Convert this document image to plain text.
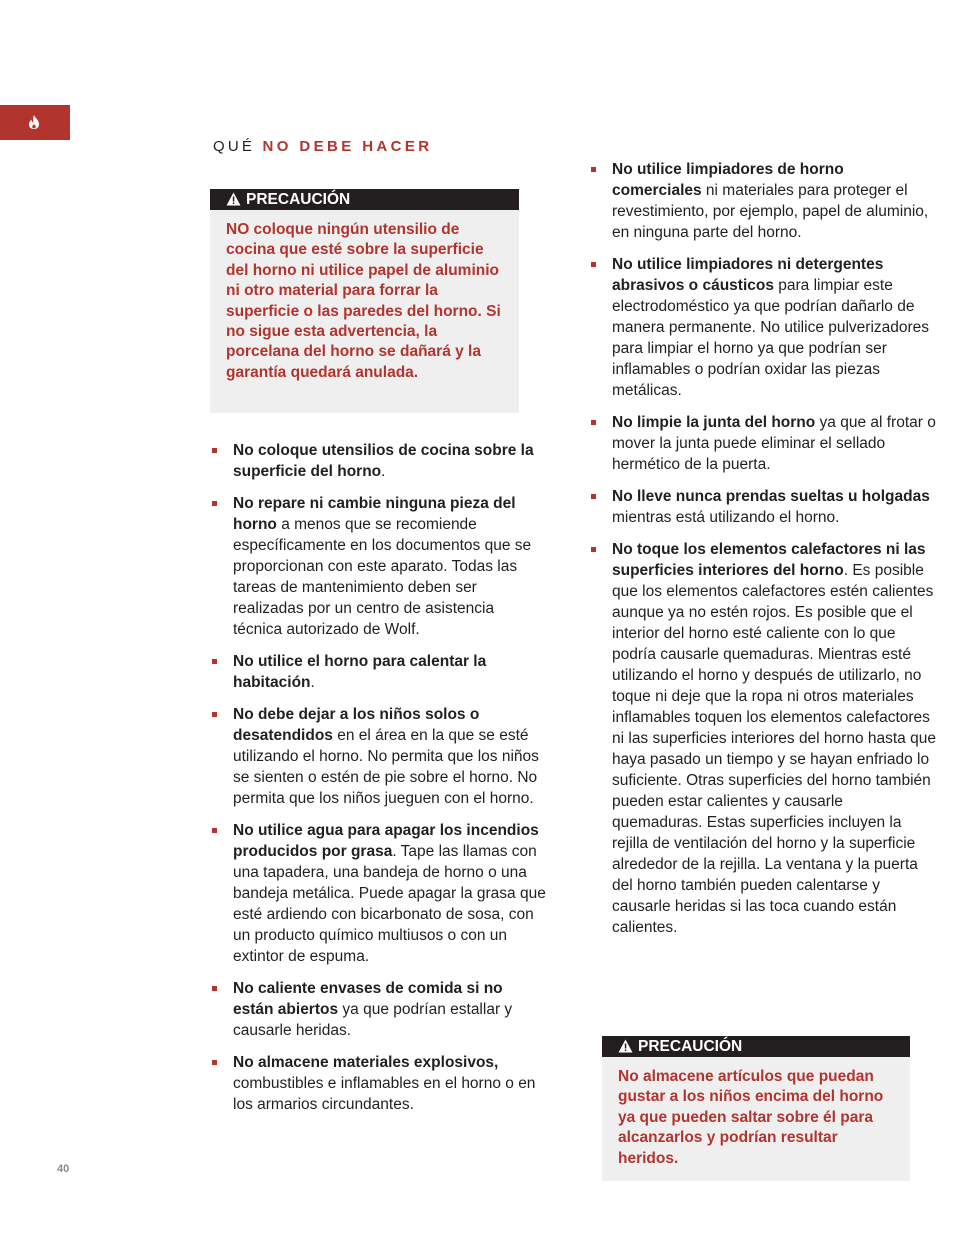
QUÉ NO DEBE HACER
PRECAUCIÓN
NO coloque ningún utensilio de cocina que esté sobre la superficie del horno ni utilice papel de aluminio ni otro material para forrar la superficie o las paredes del horno. Si no sigue esta advertencia, la porcelana del horno se dañará y la garantía quedará anulada.
No coloque utensilios de cocina sobre la superficie del horno.
No repare ni cambie ninguna pieza del horno a menos que se recomiende específicamente en los documentos que se proporcionan con este aparato. Todas las tareas de mantenimiento deben ser realizadas por un centro de asistencia técnica autorizado de Wolf.
No utilice el horno para calentar la habitación.
No debe dejar a los niños solos o desatendidos en el área en la que se esté utilizando el horno. No permita que los niños se sienten o estén de pie sobre el horno. No permita que los niños jueguen con el horno.
No utilice agua para apagar los incendios producidos por grasa. Tape las llamas con una tapadera, una bandeja de horno o una bandeja metálica. Puede apagar la grasa que esté ardiendo con bicarbonato de sosa, con un producto químico multiusos o con un extintor de espuma.
No caliente envases de comida si no están abiertos ya que podrían estallar y causarle heridas.
No almacene materiales explosivos, combustibles e inflamables en el horno o en los armarios circundantes.
No utilice limpiadores de horno comerciales ni materiales para proteger el revestimiento, por ejemplo, papel de aluminio, en ninguna parte del horno.
No utilice limpiadores ni detergentes abrasivos o cáusticos para limpiar este electrodoméstico ya que podrían dañarlo de manera permanente. No utilice pulverizadores para limpiar el horno ya que podrían ser inflamables o podrían oxidar las piezas metálicas.
No limpie la junta del horno ya que al frotar o mover la junta puede eliminar el sellado hermético de la puerta.
No lleve nunca prendas sueltas u holgadas mientras está utilizando el horno.
No toque los elementos calefactores ni las superficies interiores del horno. Es posible que los elementos calefactores estén calientes aunque ya no estén rojos. Es posible que el interior del horno esté caliente con lo que podría causarle quemaduras. Mientras esté utilizando el horno y después de utilizarlo, no toque ni deje que la ropa ni otros materiales inflamables toquen los elementos calefactores ni las superficies interiores del horno hasta que haya pasado un tiempo y se hayan enfriado lo suficiente. Otras superficies del horno también pueden estar calientes y causarle quemaduras. Estas superficies incluyen la rejilla de ventilación del horno y la superficie alrededor de la rejilla. La ventana y la puerta del horno también pueden calentarse y causarle heridas si las toca cuando están calientes.
PRECAUCIÓN
No almacene artículos que puedan gustar a los niños encima del horno ya que pueden saltar sobre él para alcanzarlos y podrían resultar heridos.
40
